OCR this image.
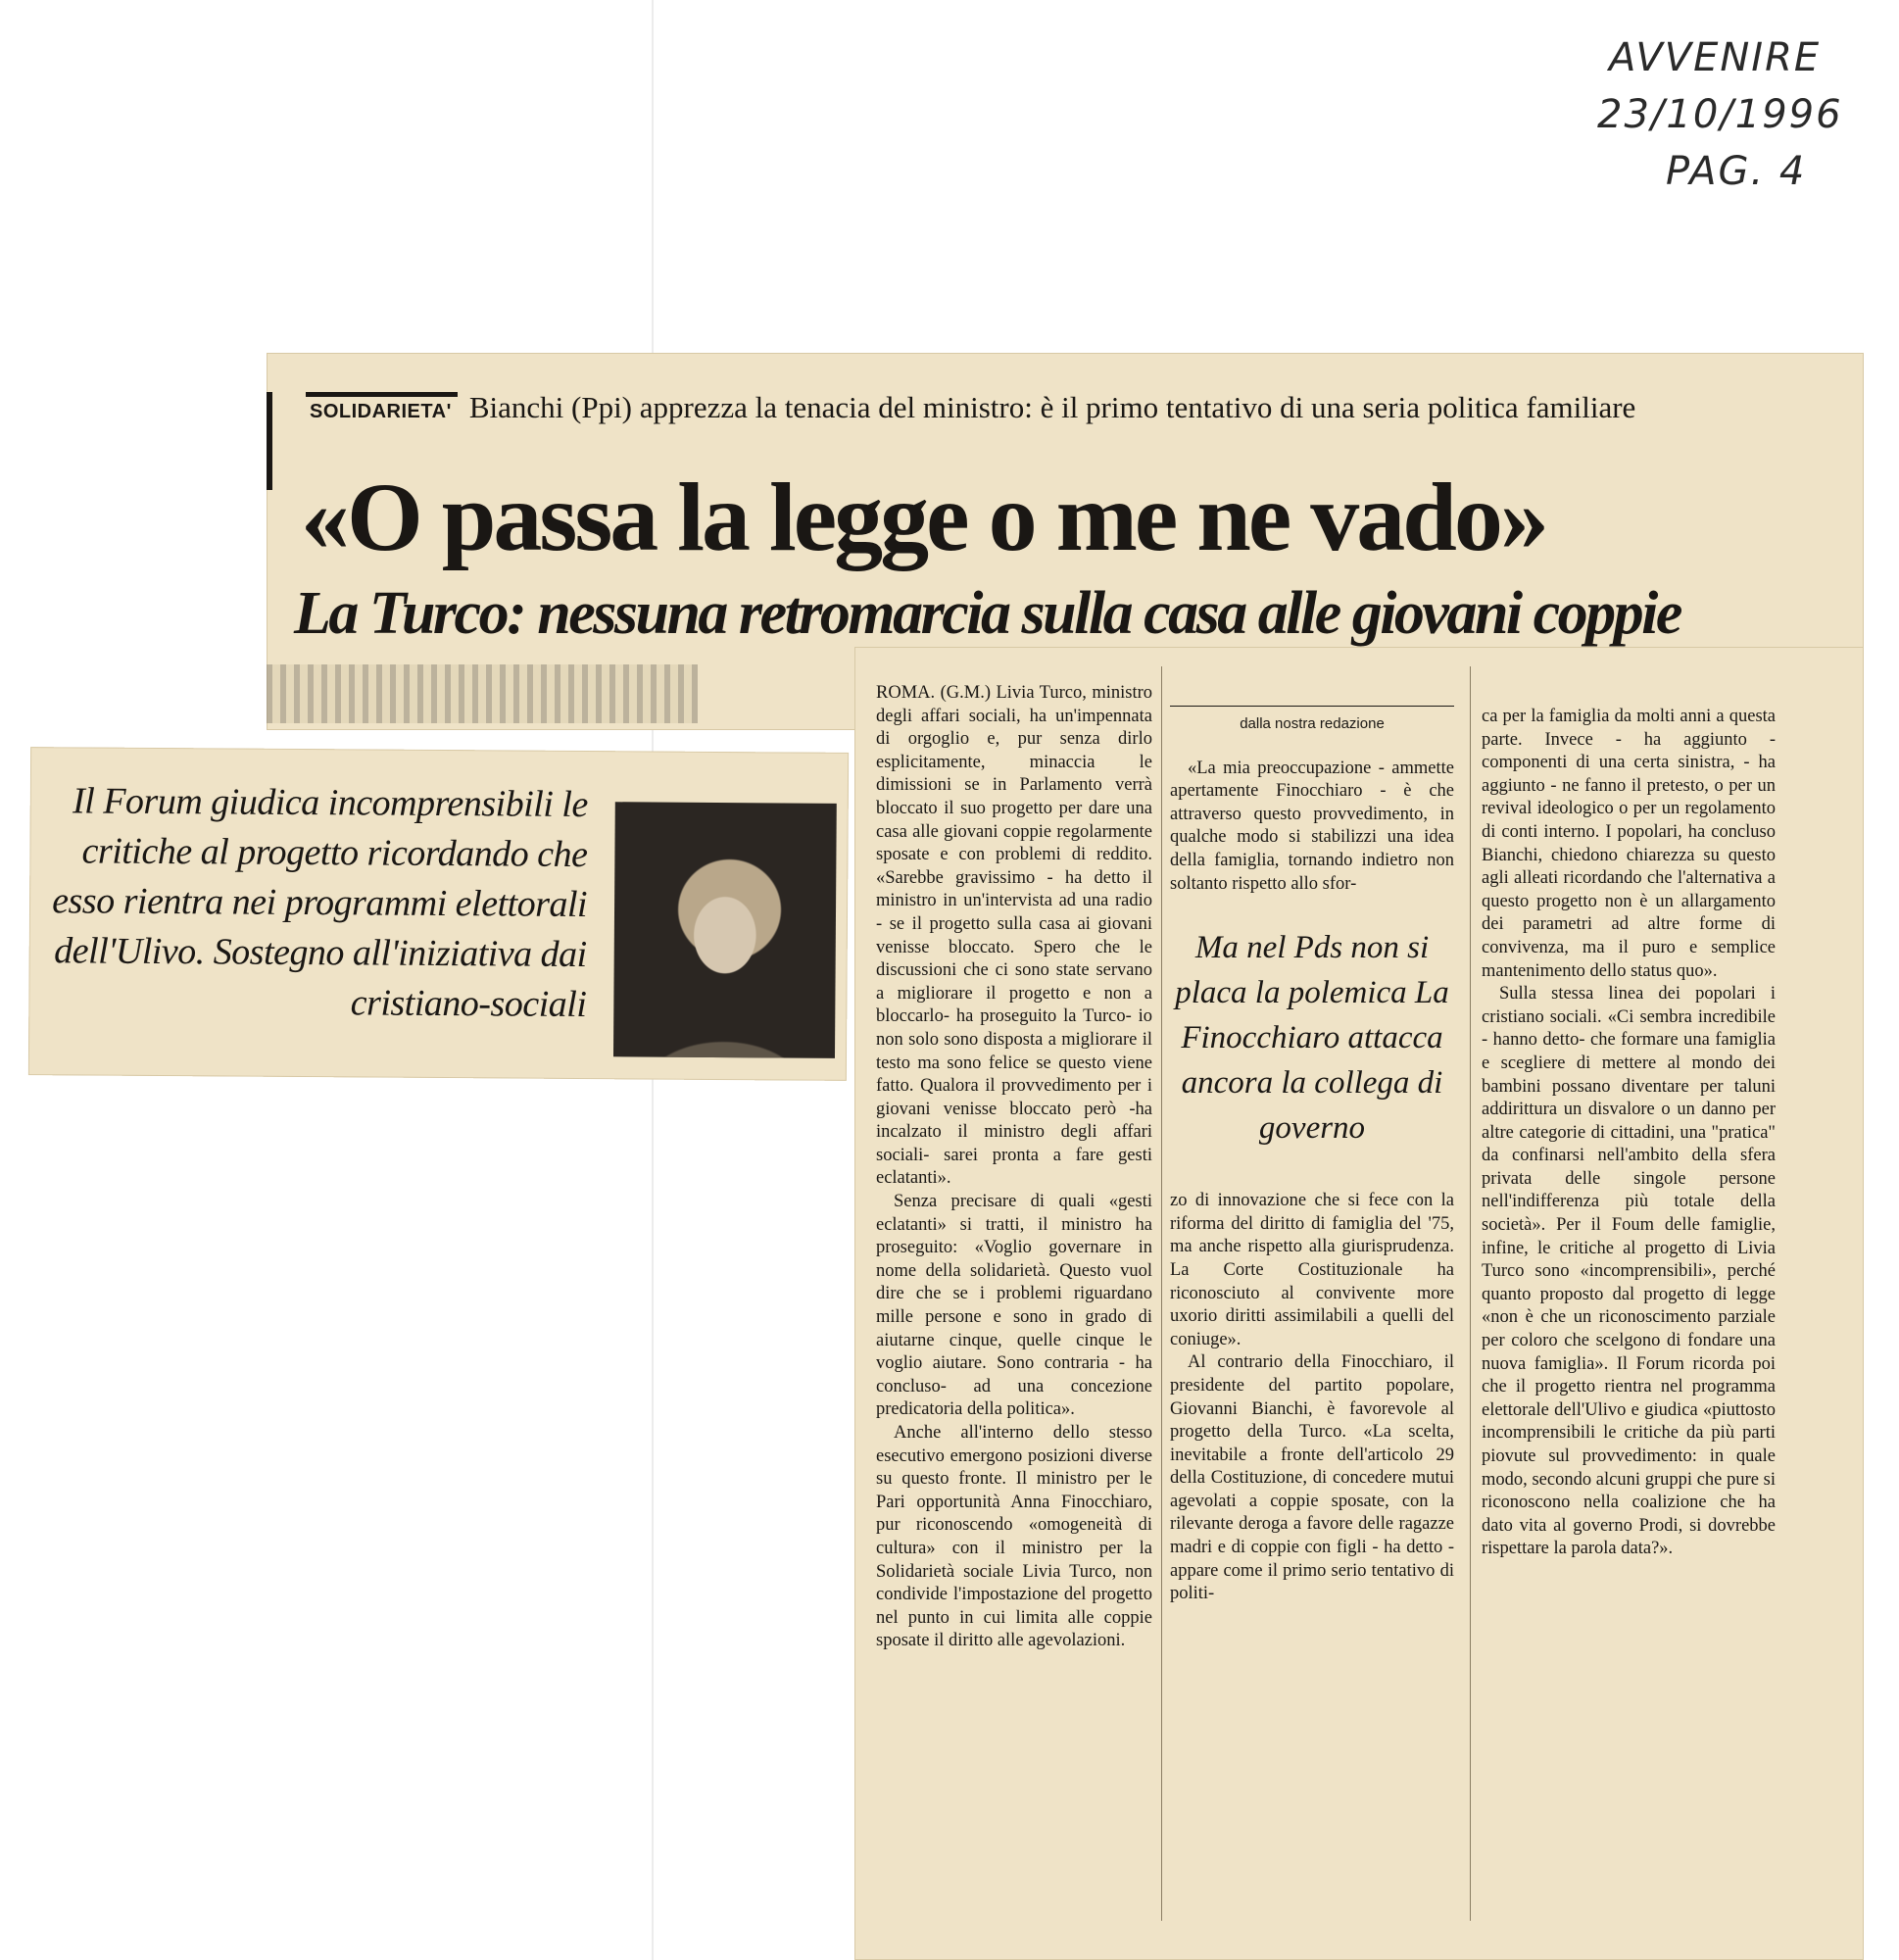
AVVENIRE
23/10/1996
PAG. 4
SOLIDARIETA' Bianchi (Ppi) apprezza la tenacia del ministro: è il primo tentativo di una seria politica familiare
«O passa la legge o me ne vado»
La Turco: nessuna retromarcia sulla casa alle giovani coppie

ROMA. (G.M.) Livia Turco, ministro degli affari sociali, ha un'impennata di orgoglio e, pur senza dirlo esplicitamente, minaccia le dimissioni se in Parlamento verrà bloccato il suo progetto per dare una casa alle giovani coppie regolarmente sposate e con problemi di reddito. «Sarebbe gravissimo - ha detto il ministro in un'intervista ad una radio - se il progetto sulla casa ai giovani venisse bloccato. Spero che le discussioni che ci sono state servano a migliorare il progetto e non a bloccarlo- ha proseguito la Turco- io non solo sono disposta a migliorare il testo ma sono felice se questo viene fatto. Qualora il provvedimento per i giovani venisse bloccato però -ha incalzato il ministro degli affari sociali- sarei pronta a fare gesti eclatanti».

Senza precisare di quali «gesti eclatanti» si tratti, il ministro ha proseguito: «Voglio governare in nome della solidarietà. Questo vuol dire che se i problemi riguardano mille persone e sono in grado di aiutarne cinque, quelle cinque le voglio aiutare. Sono contraria - ha concluso- ad una concezione predicatoria della politica».

Anche all'interno dello stesso esecutivo emergono posizioni diverse su questo fronte. Il ministro per le Pari opportunità Anna Finocchiaro, pur riconoscendo «omogeneità di cultura» con il ministro per la Solidarietà sociale Livia Turco, non condivide l'impostazione del progetto nel punto in cui limita alle coppie sposate il diritto alle agevolazioni.

dalla nostra redazione

«La mia preoccupazione - ammette apertamente Finocchiaro - è che attraverso questo provvedimento, in qualche modo si stabilizzi una idea della famiglia, tornando indietro non soltanto rispetto allo sfor-

Ma nel Pds non si placa la polemica La Finocchiaro attacca ancora la collega di governo

zo di innovazione che si fece con la riforma del diritto di famiglia del '75, ma anche rispetto alla giurisprudenza. La Corte Costituzionale ha riconosciuto al convivente more uxorio diritti assimilabili a quelli del coniuge».

Al contrario della Finocchiaro, il presidente del partito popolare, Giovanni Bianchi, è favorevole al progetto della Turco. «La scelta, inevitabile a fronte dell'articolo 29 della Costituzione, di concedere mutui agevolati a coppie sposate, con la rilevante deroga a favore delle ragazze madri e di coppie con figli - ha detto - appare come il primo serio tentativo di politi-

ca per la famiglia da molti anni a questa parte. Invece - ha aggiunto - componenti di una certa sinistra, - ha aggiunto - ne fanno il pretesto, o per un revival ideologico o per un regolamento di conti interno. I popolari, ha concluso Bianchi, chiedono chiarezza su questo agli alleati ricordando che l'alternativa a questo progetto non è un allargamento dei parametri ad altre forme di convivenza, ma il puro e semplice mantenimento dello status quo».

Sulla stessa linea dei popolari i cristiano sociali. «Ci sembra incredibile - hanno detto- che formare una famiglia e scegliere di mettere al mondo dei bambini possano diventare per taluni addirittura un disvalore o un danno per altre categorie di cittadini, una "pratica" da confinarsi nell'ambito della sfera privata delle singole persone nell'indifferenza più totale della società». Per il Foum delle famiglie, infine, le critiche al progetto di Livia Turco sono «incomprensibili», perché quanto proposto dal progetto di legge «non è che un riconoscimento parziale per coloro che scelgono di fondare una nuova famiglia». Il Forum ricorda poi che il progetto rientra nel programma elettorale dell'Ulivo e giudica «piuttosto incomprensibili le critiche da più parti piovute sul provvedimento: in quale modo, secondo alcuni gruppi che pure si riconoscono nella coalizione che ha dato vita al governo Prodi, si dovrebbe rispettare la parola data?».

Il Forum giudica incomprensibili le critiche al progetto ricordando che esso rientra nei programmi elettorali dell'Ulivo. Sostegno all'iniziativa dai cristiano-sociali
